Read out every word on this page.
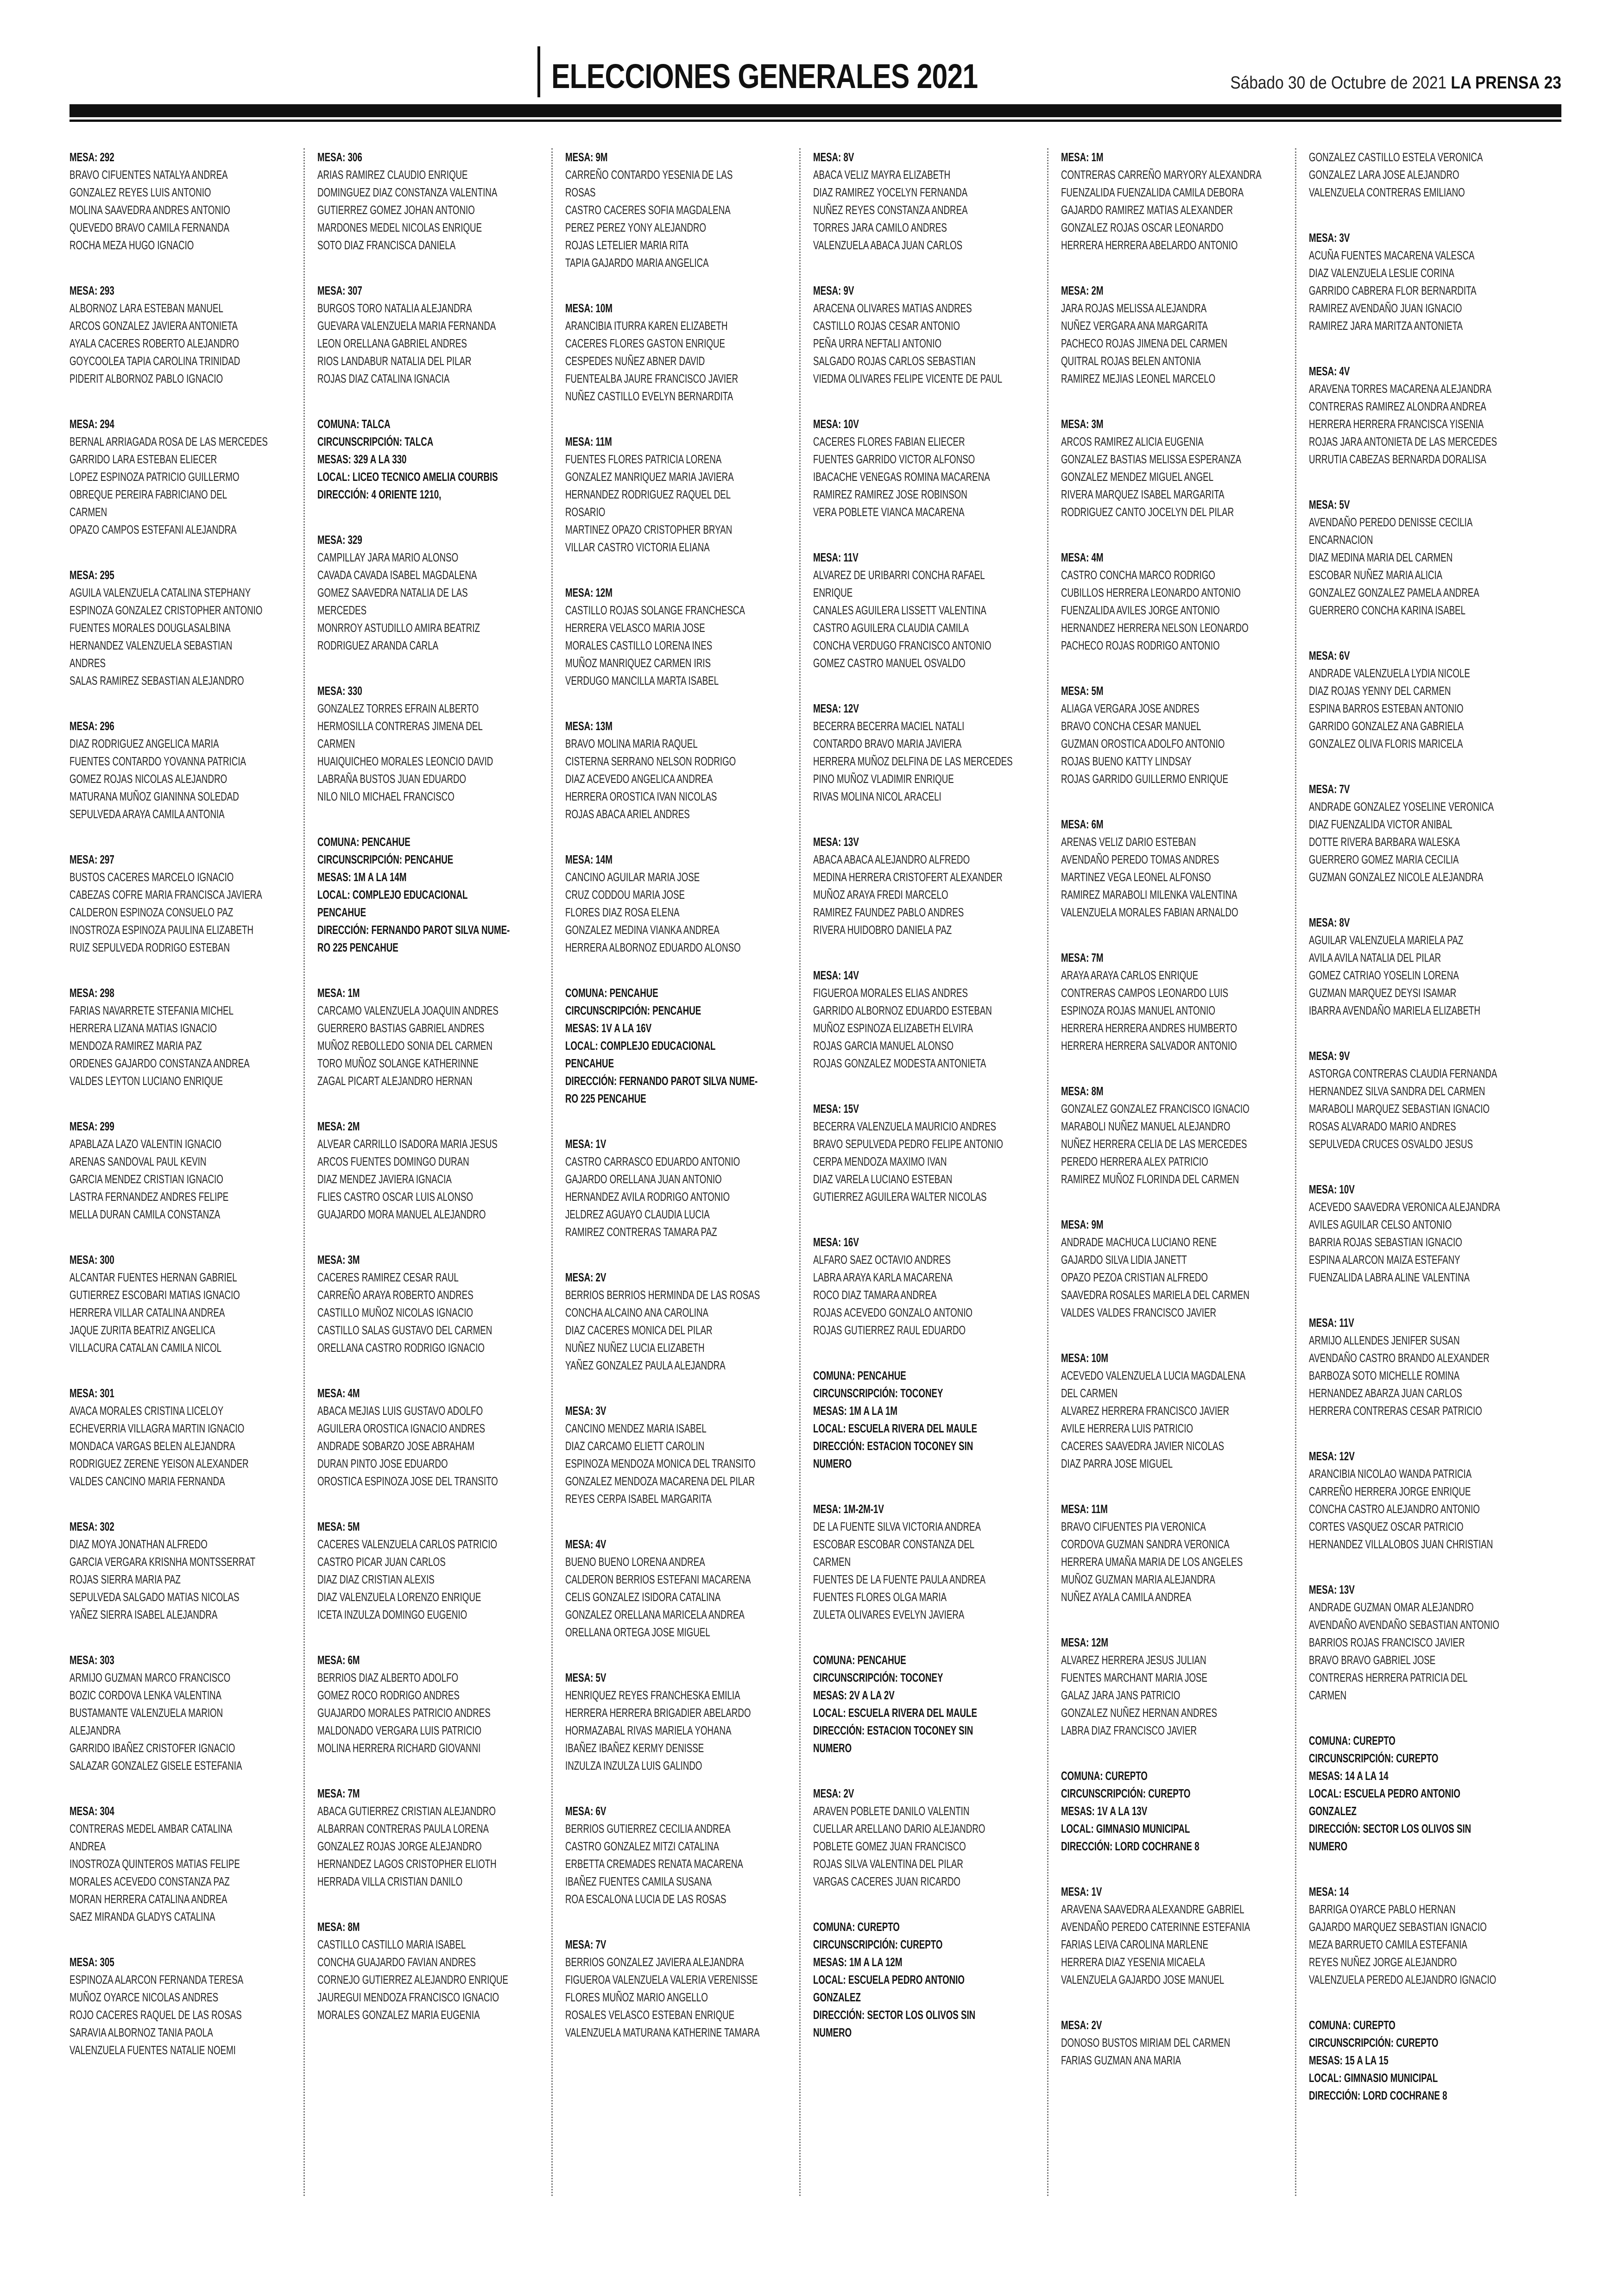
ELECCIONES GENERALES 2021	Sábado 30 de Octubre de 2021 LA PRENSA 23
MESA: 292
BRAVO CIFUENTES NATALYA ANDREA
GONZALEZ REYES LUIS ANTONIO
MOLINA SAAVEDRA ANDRES ANTONIO
QUEVEDO BRAVO CAMILA FERNANDA
ROCHA MEZA HUGO IGNACIO
MESA: 293
ALBORNOZ LARA ESTEBAN MANUEL
ARCOS GONZALEZ JAVIERA ANTONIETA
AYALA CACERES ROBERTO ALEJANDRO
GOYCOOLEA TAPIA CAROLINA TRINIDAD
PIDERIT ALBORNOZ PABLO IGNACIO
MESA: 294
BERNAL ARRIAGADA ROSA DE LAS MERCEDES
GARRIDO LARA ESTEBAN ELIECER
LOPEZ ESPINOZA PATRICIO GUILLERMO
OBREQUE PEREIRA FABRICIANO DEL
CARMEN
OPAZO CAMPOS ESTEFANI ALEJANDRA
MESA: 295
AGUILA VALENZUELA CATALINA STEPHANY
ESPINOZA GONZALEZ CRISTOPHER ANTONIO
FUENTES MORALES DOUGLASALBINA
HERNANDEZ VALENZUELA SEBASTIAN
ANDRES
SALAS RAMIREZ SEBASTIAN ALEJANDRO
MESA: 296
DIAZ RODRIGUEZ ANGELICA MARIA
FUENTES CONTARDO YOVANNA PATRICIA
GOMEZ ROJAS NICOLAS ALEJANDRO
MATURANA MUÑOZ GIANINNA SOLEDAD
SEPULVEDA ARAYA CAMILA ANTONIA
MESA: 297
BUSTOS CACERES MARCELO IGNACIO
CABEZAS COFRE MARIA FRANCISCA JAVIERA
CALDERON ESPINOZA CONSUELO PAZ
INOSTROZA ESPINOZA PAULINA ELIZABETH
RUIZ SEPULVEDA RODRIGO ESTEBAN
MESA: 298
FARIAS NAVARRETE STEFANIA MICHEL
HERRERA LIZANA MATIAS IGNACIO
MENDOZA RAMIREZ MARIA PAZ
ORDENES GAJARDO CONSTANZA ANDREA
VALDES LEYTON LUCIANO ENRIQUE
MESA: 299
APABLAZA LAZO VALENTIN IGNACIO
ARENAS SANDOVAL PAUL KEVIN
GARCIA MENDEZ CRISTIAN IGNACIO
LASTRA FERNANDEZ ANDRES FELIPE
MELLA DURAN CAMILA CONSTANZA
MESA: 300
ALCANTAR FUENTES HERNAN GABRIEL
GUTIERREZ ESCOBARI MATIAS IGNACIO
HERRERA VILLAR CATALINA ANDREA
JAQUE ZURITA BEATRIZ ANGELICA
VILLACURA CATALAN CAMILA NICOL
MESA: 301
AVACA MORALES CRISTINA LICELOY
ECHEVERRIA VILLAGRA MARTIN IGNACIO
MONDACA VARGAS BELEN ALEJANDRA
RODRIGUEZ ZERENE YEISON ALEXANDER
VALDES CANCINO MARIA FERNANDA
MESA: 302
DIAZ MOYA JONATHAN ALFREDO
GARCIA VERGARA KRISNHA MONTSSERRAT
ROJAS SIERRA MARIA PAZ
SEPULVEDA SALGADO MATIAS NICOLAS
YAÑEZ SIERRA ISABEL ALEJANDRA
MESA: 303
ARMIJO GUZMAN MARCO FRANCISCO
BOZIC CORDOVA LENKA VALENTINA
BUSTAMANTE VALENZUELA MARION
ALEJANDRA
GARRIDO IBAÑEZ CRISTOFER IGNACIO
SALAZAR GONZALEZ GISELE ESTEFANIA
MESA: 304
CONTRERAS MEDEL AMBAR CATALINA
ANDREA
INOSTROZA QUINTEROS MATIAS FELIPE
MORALES ACEVEDO CONSTANZA PAZ
MORAN HERRERA CATALINA ANDREA
SAEZ MIRANDA GLADYS CATALINA
MESA: 305
ESPINOZA ALARCON FERNANDA TERESA
MUÑOZ OYARCE NICOLAS ANDRES
ROJO CACERES RAQUEL DE LAS ROSAS
SARAVIA ALBORNOZ TANIA PAOLA
VALENZUELA FUENTES NATALIE NOEMI
MESA: 306
ARIAS RAMIREZ CLAUDIO ENRIQUE
DOMINGUEZ DIAZ CONSTANZA VALENTINA
GUTIERREZ GOMEZ JOHAN ANTONIO
MARDONES MEDEL NICOLAS ENRIQUE
SOTO DIAZ FRANCISCA DANIELA
MESA: 307
BURGOS TORO NATALIA ALEJANDRA
GUEVARA VALENZUELA MARIA FERNANDA
LEON ORELLANA GABRIEL ANDRES
RIOS LANDABUR NATALIA DEL PILAR
ROJAS DIAZ CATALINA IGNACIA
COMUNA: TALCA
CIRCUNSCRIPCIÓN: TALCA
MESAS: 329 A LA 330
LOCAL: LICEO TECNICO AMELIA COURBIS
DIRECCIÓN: 4 ORIENTE 1210,
MESA: 329
CAMPILLAY JARA MARIO ALONSO
CAVADA CAVADA ISABEL MAGDALENA
GOMEZ SAAVEDRA NATALIA DE LAS
MERCEDES
MONRROY ASTUDILLO AMIRA BEATRIZ
RODRIGUEZ ARANDA CARLA
MESA: 330
GONZALEZ TORRES EFRAIN ALBERTO
HERMOSILLA CONTRERAS JIMENA DEL
CARMEN
HUAIQUICHEO MORALES LEONCIO DAVID
LABRAÑA BUSTOS JUAN EDUARDO
NILO NILO MICHAEL FRANCISCO
COMUNA: PENCAHUE
CIRCUNSCRIPCIÓN: PENCAHUE
MESAS: 1M A LA 14M
LOCAL: COMPLEJO EDUCACIONAL
PENCAHUE
DIRECCIÓN: FERNANDO PAROT SILVA NUME-
RO 225 PENCAHUE
MESA: 1M
CARCAMO VALENZUELA JOAQUIN ANDRES
GUERRERO BASTIAS GABRIEL ANDRES
MUÑOZ REBOLLEDO SONIA DEL CARMEN
TORO MUÑOZ SOLANGE KATHERINNE
ZAGAL PICART ALEJANDRO HERNAN
MESA: 2M
ALVEAR CARRILLO ISADORA MARIA JESUS
ARCOS FUENTES DOMINGO DURAN
DIAZ MENDEZ JAVIERA IGNACIA
FLIES CASTRO OSCAR LUIS ALONSO
GUAJARDO MORA MANUEL ALEJANDRO
MESA: 3M
CACERES RAMIREZ CESAR RAUL
CARREÑO ARAYA ROBERTO ANDRES
CASTILLO MUÑOZ NICOLAS IGNACIO
CASTILLO SALAS GUSTAVO DEL CARMEN
ORELLANA CASTRO RODRIGO IGNACIO
MESA: 4M
ABACA MEJIAS LUIS GUSTAVO ADOLFO
AGUILERA OROSTICA IGNACIO ANDRES
ANDRADE SOBARZO JOSE ABRAHAM
DURAN PINTO JOSE EDUARDO
OROSTICA ESPINOZA JOSE DEL TRANSITO
MESA: 5M
CACERES VALENZUELA CARLOS PATRICIO
CASTRO PICAR JUAN CARLOS
DIAZ DIAZ CRISTIAN ALEXIS
DIAZ VALENZUELA LORENZO ENRIQUE
ICETA INZULZA DOMINGO EUGENIO
MESA: 6M
BERRIOS DIAZ ALBERTO ADOLFO
GOMEZ ROCO RODRIGO ANDRES
GUAJARDO MORALES PATRICIO ANDRES
MALDONADO VERGARA LUIS PATRICIO
MOLINA HERRERA RICHARD GIOVANNI
MESA: 7M
ABACA GUTIERREZ CRISTIAN ALEJANDRO
ALBARRAN CONTRERAS PAULA LORENA
GONZALEZ ROJAS JORGE ALEJANDRO
HERNANDEZ LAGOS CRISTOPHER ELIOTH
HERRADA VILLA CRISTIAN DANILO
MESA: 8M
CASTILLO CASTILLO MARIA ISABEL
CONCHA GUAJARDO FAVIAN ANDRES
CORNEJO GUTIERREZ ALEJANDRO ENRIQUE
JAUREGUI MENDOZA FRANCISCO IGNACIO
MORALES GONZALEZ MARIA EUGENIA
MESA: 9M
CARREÑO CONTARDO YESENIA DE LAS
ROSAS
CASTRO CACERES SOFIA MAGDALENA
PEREZ PEREZ YONY ALEJANDRO
ROJAS LETELIER MARIA RITA
TAPIA GAJARDO MARIA ANGELICA
MESA: 10M
ARANCIBIA ITURRA KAREN ELIZABETH
CACERES FLORES GASTON ENRIQUE
CESPEDES NUÑEZ ABNER DAVID
FUENTEALBA JAURE FRANCISCO JAVIER
NUÑEZ CASTILLO EVELYN BERNARDITA
MESA: 11M
FUENTES FLORES PATRICIA LORENA
GONZALEZ MANRIQUEZ MARIA JAVIERA
HERNANDEZ RODRIGUEZ RAQUEL DEL
ROSARIO
MARTINEZ OPAZO CRISTOPHER BRYAN
VILLAR CASTRO VICTORIA ELIANA
MESA: 12M
CASTILLO ROJAS SOLANGE FRANCHESCA
HERRERA VELASCO MARIA JOSE
MORALES CASTILLO LORENA INES
MUÑOZ MANRIQUEZ CARMEN IRIS
VERDUGO MANCILLA MARTA ISABEL
MESA: 13M
BRAVO MOLINA MARIA RAQUEL
CISTERNA SERRANO NELSON RODRIGO
DIAZ ACEVEDO ANGELICA ANDREA
HERRERA OROSTICA IVAN NICOLAS
ROJAS ABACA ARIEL ANDRES
MESA: 14M
CANCINO AGUILAR MARIA JOSE
CRUZ CODDOU MARIA JOSE
FLORES DIAZ ROSA ELENA
GONZALEZ MEDINA VIANKA ANDREA
HERRERA ALBORNOZ EDUARDO ALONSO
COMUNA: PENCAHUE
CIRCUNSCRIPCIÓN: PENCAHUE
MESAS: 1V A LA 16V
LOCAL: COMPLEJO EDUCACIONAL
PENCAHUE
DIRECCIÓN: FERNANDO PAROT SILVA NUME-
RO 225 PENCAHUE
MESA: 1V
CASTRO CARRASCO EDUARDO ANTONIO
GAJARDO ORELLANA JUAN ANTONIO
HERNANDEZ AVILA RODRIGO ANTONIO
JELDREZ AGUAYO CLAUDIA LUCIA
RAMIREZ CONTRERAS TAMARA PAZ
MESA: 2V
BERRIOS BERRIOS HERMINDA DE LAS ROSAS
CONCHA ALCAINO ANA CAROLINA
DIAZ CACERES MONICA DEL PILAR
NUÑEZ NUÑEZ LUCIA ELIZABETH
YAÑEZ GONZALEZ PAULA ALEJANDRA
MESA: 3V
CANCINO MENDEZ MARIA ISABEL
DIAZ CARCAMO ELIETT CAROLIN
ESPINOZA MENDOZA MONICA DEL TRANSITO
GONZALEZ MENDOZA MACARENA DEL PILAR
REYES CERPA ISABEL MARGARITA
MESA: 4V
BUENO BUENO LORENA ANDREA
CALDERON BERRIOS ESTEFANI MACARENA
CELIS GONZALEZ ISIDORA CATALINA
GONZALEZ ORELLANA MARICELA ANDREA
ORELLANA ORTEGA JOSE MIGUEL
MESA: 5V
HENRIQUEZ REYES FRANCHESKA EMILIA
HERRERA HERRERA BRIGADIER ABELARDO
HORMAZABAL RIVAS MARIELA YOHANA
IBAÑEZ IBAÑEZ KERMY DENISSE
INZULZA INZULZA LUIS GALINDO
MESA: 6V
BERRIOS GUTIERREZ CECILIA ANDREA
CASTRO GONZALEZ MITZI CATALINA
ERBETTA CREMADES RENATA MACARENA
IBAÑEZ FUENTES CAMILA SUSANA
ROA ESCALONA LUCIA DE LAS ROSAS
MESA: 7V
BERRIOS GONZALEZ JAVIERA ALEJANDRA
FIGUEROA VALENZUELA VALERIA VERENISSE
FLORES MUÑOZ MARIO ANGELLO
ROSALES VELASCO ESTEBAN ENRIQUE
VALENZUELA MATURANA KATHERINE TAMARA
MESA: 8V
ABACA VELIZ MAYRA ELIZABETH
DIAZ RAMIREZ YOCELYN FERNANDA
NUÑEZ REYES CONSTANZA ANDREA
TORRES JARA CAMILO ANDRES
VALENZUELA ABACA JUAN CARLOS
MESA: 9V
ARACENA OLIVARES MATIAS ANDRES
CASTILLO ROJAS CESAR ANTONIO
PEÑA URRA NEFTALI ANTONIO
SALGADO ROJAS CARLOS SEBASTIAN
VIEDMA OLIVARES FELIPE VICENTE DE PAUL
MESA: 10V
CACERES FLORES FABIAN ELIECER
FUENTES GARRIDO VICTOR ALFONSO
IBACACHE VENEGAS ROMINA MACARENA
RAMIREZ RAMIREZ JOSE ROBINSON
VERA POBLETE VIANCA MACARENA
MESA: 11V
ALVAREZ DE URIBARRI CONCHA RAFAEL
ENRIQUE
CANALES AGUILERA LISSETT VALENTINA
CASTRO AGUILERA CLAUDIA CAMILA
CONCHA VERDUGO FRANCISCO ANTONIO
GOMEZ CASTRO MANUEL OSVALDO
MESA: 12V
BECERRA BECERRA MACIEL NATALI
CONTARDO BRAVO MARIA JAVIERA
HERRERA MUÑOZ DELFINA DE LAS MERCEDES
PINO MUÑOZ VLADIMIR ENRIQUE
RIVAS MOLINA NICOL ARACELI
MESA: 13V
ABACA ABACA ALEJANDRO ALFREDO
MEDINA HERRERA CRISTOFERT ALEXANDER
MUÑOZ ARAYA FREDI MARCELO
RAMIREZ FAUNDEZ PABLO ANDRES
RIVERA HUIDOBRO DANIELA PAZ
MESA: 14V
FIGUEROA MORALES ELIAS ANDRES
GARRIDO ALBORNOZ EDUARDO ESTEBAN
MUÑOZ ESPINOZA ELIZABETH ELVIRA
ROJAS GARCIA MANUEL ALONSO
ROJAS GONZALEZ MODESTA ANTONIETA
MESA: 15V
BECERRA VALENZUELA MAURICIO ANDRES
BRAVO SEPULVEDA PEDRO FELIPE ANTONIO
CERPA MENDOZA MAXIMO IVAN
DIAZ VARELA LUCIANO ESTEBAN
GUTIERREZ AGUILERA WALTER NICOLAS
MESA: 16V
ALFARO SAEZ OCTAVIO ANDRES
LABRA ARAYA KARLA MACARENA
ROCO DIAZ TAMARA ANDREA
ROJAS ACEVEDO GONZALO ANTONIO
ROJAS GUTIERREZ RAUL EDUARDO
COMUNA: PENCAHUE
CIRCUNSCRIPCIÓN: TOCONEY
MESAS: 1M A LA 1M
LOCAL: ESCUELA RIVERA DEL MAULE
DIRECCIÓN: ESTACION TOCONEY SIN
NUMERO
MESA: 1M-2M-1V
DE LA FUENTE SILVA VICTORIA ANDREA
ESCOBAR ESCOBAR CONSTANZA DEL
CARMEN
FUENTES DE LA FUENTE PAULA ANDREA
FUENTES FLORES OLGA MARIA
ZULETA OLIVARES EVELYN JAVIERA
COMUNA: PENCAHUE
CIRCUNSCRIPCIÓN: TOCONEY
MESAS: 2V A LA 2V
LOCAL: ESCUELA RIVERA DEL MAULE
DIRECCIÓN: ESTACION TOCONEY SIN
NUMERO
MESA: 2V
ARAVEN POBLETE DANILO VALENTIN
CUELLAR ARELLANO DARIO ALEJANDRO
POBLETE GOMEZ JUAN FRANCISCO
ROJAS SILVA VALENTINA DEL PILAR
VARGAS CACERES JUAN RICARDO
COMUNA: CUREPTO
CIRCUNSCRIPCIÓN: CUREPTO
MESAS: 1M A LA 12M
LOCAL: ESCUELA PEDRO ANTONIO
GONZALEZ
DIRECCIÓN: SECTOR LOS OLIVOS SIN
NUMERO
MESA: 1M
CONTRERAS CARREÑO MARYORY ALEXANDRA
FUENZALIDA FUENZALIDA CAMILA DEBORA
GAJARDO RAMIREZ MATIAS ALEXANDER
GONZALEZ ROJAS OSCAR LEONARDO
HERRERA HERRERA ABELARDO ANTONIO
MESA: 2M
JARA ROJAS MELISSA ALEJANDRA
NUÑEZ VERGARA ANA MARGARITA
PACHECO ROJAS JIMENA DEL CARMEN
QUITRAL ROJAS BELEN ANTONIA
RAMIREZ MEJIAS LEONEL MARCELO
MESA: 3M
ARCOS RAMIREZ ALICIA EUGENIA
GONZALEZ BASTIAS MELISSA ESPERANZA
GONZALEZ MENDEZ MIGUEL ANGEL
RIVERA MARQUEZ ISABEL MARGARITA
RODRIGUEZ CANTO JOCELYN DEL PILAR
MESA: 4M
CASTRO CONCHA MARCO RODRIGO
CUBILLOS HERRERA LEONARDO ANTONIO
FUENZALIDA AVILES JORGE ANTONIO
HERNANDEZ HERRERA NELSON LEONARDO
PACHECO ROJAS RODRIGO ANTONIO
MESA: 5M
ALIAGA VERGARA JOSE ANDRES
BRAVO CONCHA CESAR MANUEL
GUZMAN OROSTICA ADOLFO ANTONIO
ROJAS BUENO KATTY LINDSAY
ROJAS GARRIDO GUILLERMO ENRIQUE
MESA: 6M
ARENAS VELIZ DARIO ESTEBAN
AVENDAÑO PEREDO TOMAS ANDRES
MARTINEZ VEGA LEONEL ALFONSO
RAMIREZ MARABOLI MILENKA VALENTINA
VALENZUELA MORALES FABIAN ARNALDO
MESA: 7M
ARAYA ARAYA CARLOS ENRIQUE
CONTRERAS CAMPOS LEONARDO LUIS
ESPINOZA ROJAS MANUEL ANTONIO
HERRERA HERRERA ANDRES HUMBERTO
HERRERA HERRERA SALVADOR ANTONIO
MESA: 8M
GONZALEZ GONZALEZ FRANCISCO IGNACIO
MARABOLI NUÑEZ MANUEL ALEJANDRO
NUÑEZ HERRERA CELIA DE LAS MERCEDES
PEREDO HERRERA ALEX PATRICIO
RAMIREZ MUÑOZ FLORINDA DEL CARMEN
MESA: 9M
ANDRADE MACHUCA LUCIANO RENE
GAJARDO SILVA LIDIA JANETT
OPAZO PEZOA CRISTIAN ALFREDO
SAAVEDRA ROSALES MARIELA DEL CARMEN
VALDES VALDES FRANCISCO JAVIER
MESA: 10M
ACEVEDO VALENZUELA LUCIA MAGDALENA
DEL CARMEN
ALVAREZ HERRERA FRANCISCO JAVIER
AVILE HERRERA LUIS PATRICIO
CACERES SAAVEDRA JAVIER NICOLAS
DIAZ PARRA JOSE MIGUEL
MESA: 11M
BRAVO CIFUENTES PIA VERONICA
CORDOVA GUZMAN SANDRA VERONICA
HERRERA UMAÑA MARIA DE LOS ANGELES
MUÑOZ GUZMAN MARIA ALEJANDRA
NUÑEZ AYALA CAMILA ANDREA
MESA: 12M
ALVAREZ HERRERA JESUS JULIAN
FUENTES MARCHANT MARIA JOSE
GALAZ JARA JANS PATRICIO
GONZALEZ NUÑEZ HERNAN ANDRES
LABRA DIAZ FRANCISCO JAVIER
COMUNA: CUREPTO
CIRCUNSCRIPCIÓN: CUREPTO
MESAS: 1V A LA 13V
LOCAL: GIMNASIO MUNICIPAL
DIRECCIÓN: LORD COCHRANE 8
MESA: 1V
ARAVENA SAAVEDRA ALEXANDRE GABRIEL
AVENDAÑO PEREDO CATERINNE ESTEFANIA
FARIAS LEIVA CAROLINA MARLENE
HERRERA DIAZ YESENIA MICAELA
VALENZUELA GAJARDO JOSE MANUEL
MESA: 2V
DONOSO BUSTOS MIRIAM DEL CARMEN
FARIAS GUZMAN ANA MARIA
GONZALEZ CASTILLO ESTELA VERONICA
GONZALEZ LARA JOSE ALEJANDRO
VALENZUELA CONTRERAS EMILIANO
MESA: 3V
ACUÑA FUENTES MACARENA VALESCA
DIAZ VALENZUELA LESLIE CORINA
GARRIDO CABRERA FLOR BERNARDITA
RAMIREZ AVENDAÑO JUAN IGNACIO
RAMIREZ JARA MARITZA ANTONIETA
MESA: 4V
ARAVENA TORRES MACARENA ALEJANDRA
CONTRERAS RAMIREZ ALONDRA ANDREA
HERRERA HERRERA FRANCISCA YISENIA
ROJAS JARA ANTONIETA DE LAS MERCEDES
URRUTIA CABEZAS BERNARDA DORALISA
MESA: 5V
AVENDAÑO PEREDO DENISSE CECILIA
ENCARNACION
DIAZ MEDINA MARIA DEL CARMEN
ESCOBAR NUÑEZ MARIA ALICIA
GONZALEZ GONZALEZ PAMELA ANDREA
GUERRERO CONCHA KARINA ISABEL
MESA: 6V
ANDRADE VALENZUELA LYDIA NICOLE
DIAZ ROJAS YENNY DEL CARMEN
ESPINA BARROS ESTEBAN ANTONIO
GARRIDO GONZALEZ ANA GABRIELA
GONZALEZ OLIVA FLORIS MARICELA
MESA: 7V
ANDRADE GONZALEZ YOSELINE VERONICA
DIAZ FUENZALIDA VICTOR ANIBAL
DOTTE RIVERA BARBARA WALESKA
GUERRERO GOMEZ MARIA CECILIA
GUZMAN GONZALEZ NICOLE ALEJANDRA
MESA: 8V
AGUILAR VALENZUELA MARIELA PAZ
AVILA AVILA NATALIA DEL PILAR
GOMEZ CATRIAO YOSELIN LORENA
GUZMAN MARQUEZ DEYSI ISAMAR
IBARRA AVENDAÑO MARIELA ELIZABETH
MESA: 9V
ASTORGA CONTRERAS CLAUDIA FERNANDA
HERNANDEZ SILVA SANDRA DEL CARMEN
MARABOLI MARQUEZ SEBASTIAN IGNACIO
ROSAS ALVARADO MARIO ANDRES
SEPULVEDA CRUCES OSVALDO JESUS
MESA: 10V
ACEVEDO SAAVEDRA VERONICA ALEJANDRA
AVILES AGUILAR CELSO ANTONIO
BARRIA ROJAS SEBASTIAN IGNACIO
ESPINA ALARCON MAIZA ESTEFANY
FUENZALIDA LABRA ALINE VALENTINA
MESA: 11V
ARMIJO ALLENDES JENIFER SUSAN
AVENDAÑO CASTRO BRANDO ALEXANDER
BARBOZA SOTO MICHELLE ROMINA
HERNANDEZ ABARZA JUAN CARLOS
HERRERA CONTRERAS CESAR PATRICIO
MESA: 12V
ARANCIBIA NICOLAO WANDA PATRICIA
CARREÑO HERRERA JORGE ENRIQUE
CONCHA CASTRO ALEJANDRO ANTONIO
CORTES VASQUEZ OSCAR PATRICIO
HERNANDEZ VILLALOBOS JUAN CHRISTIAN
MESA: 13V
ANDRADE GUZMAN OMAR ALEJANDRO
AVENDAÑO AVENDAÑO SEBASTIAN ANTONIO
BARRIOS ROJAS FRANCISCO JAVIER
BRAVO BRAVO GABRIEL JOSE
CONTRERAS HERRERA PATRICIA DEL
CARMEN
COMUNA: CUREPTO
CIRCUNSCRIPCIÓN: CUREPTO
MESAS: 14 A LA 14
LOCAL: ESCUELA PEDRO ANTONIO
GONZALEZ
DIRECCIÓN: SECTOR LOS OLIVOS SIN
NUMERO
MESA: 14
BARRIGA OYARCE PABLO HERNAN
GAJARDO MARQUEZ SEBASTIAN IGNACIO
MEZA BARRUETO CAMILA ESTEFANIA
REYES NUÑEZ JORGE ALEJANDRO
VALENZUELA PEREDO ALEJANDRO IGNACIO
COMUNA: CUREPTO
CIRCUNSCRIPCIÓN: CUREPTO
MESAS: 15 A LA 15
LOCAL: GIMNASIO MUNICIPAL
DIRECCIÓN: LORD COCHRANE 8
